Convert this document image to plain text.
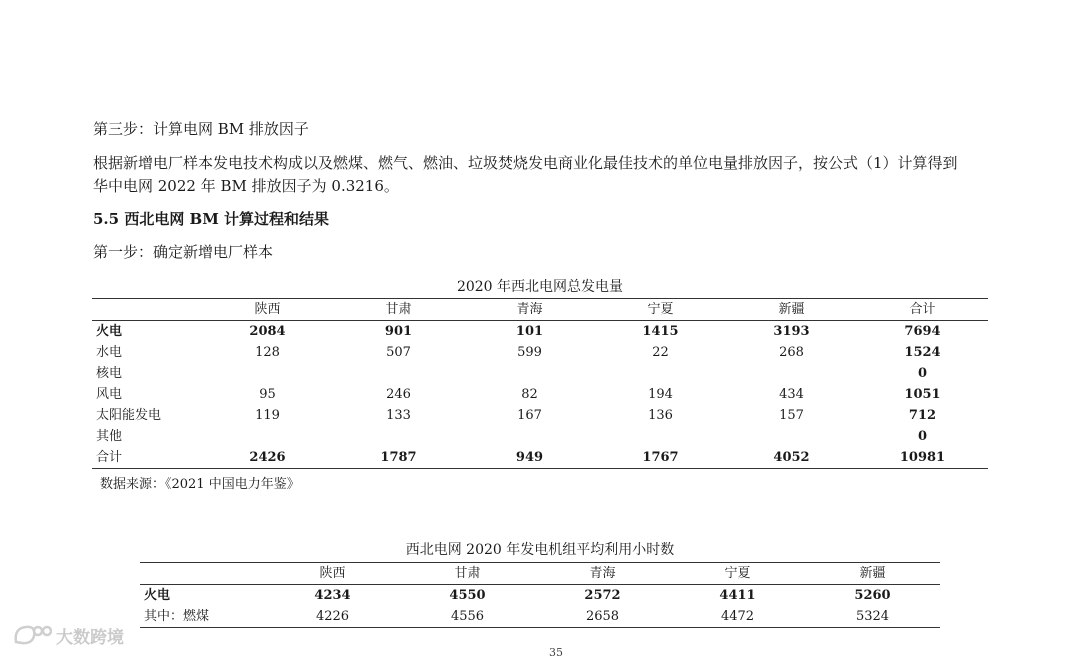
第三步：计算电网 BM 排放因子
根据新增电厂样本发电技术构成以及燃煤、燃气、燃油、垃圾焚烧发电商业化最佳技术的单位电量排放因子，按公式（1）计算得到
华中电网 2022 年 BM 排放因子为 0.3216。
5.5 西北电网 BM 计算过程和结果
第一步：确定新增电厂样本
2020 年西北电网总发电量
	陕西	甘肃	青海	宁夏	新疆	合计
火电	2084	901	101	1415	3193	7694
水电	128	507	599	22	268	1524
核电						0
风电	95	246	82	194	434	1051
太阳能发电	119	133	167	136	157	712
其他						0
合计	2426	1787	949	1767	4052	10981
数据来源：《2021 中国电力年鉴》
西北电网 2020 年发电机组平均利用小时数
	陕西	甘肃	青海	宁夏	新疆
火电	4234	4550	2572	4411	5260
其中：燃煤	4226	4556	2658	4472	5324
35
大数跨境
